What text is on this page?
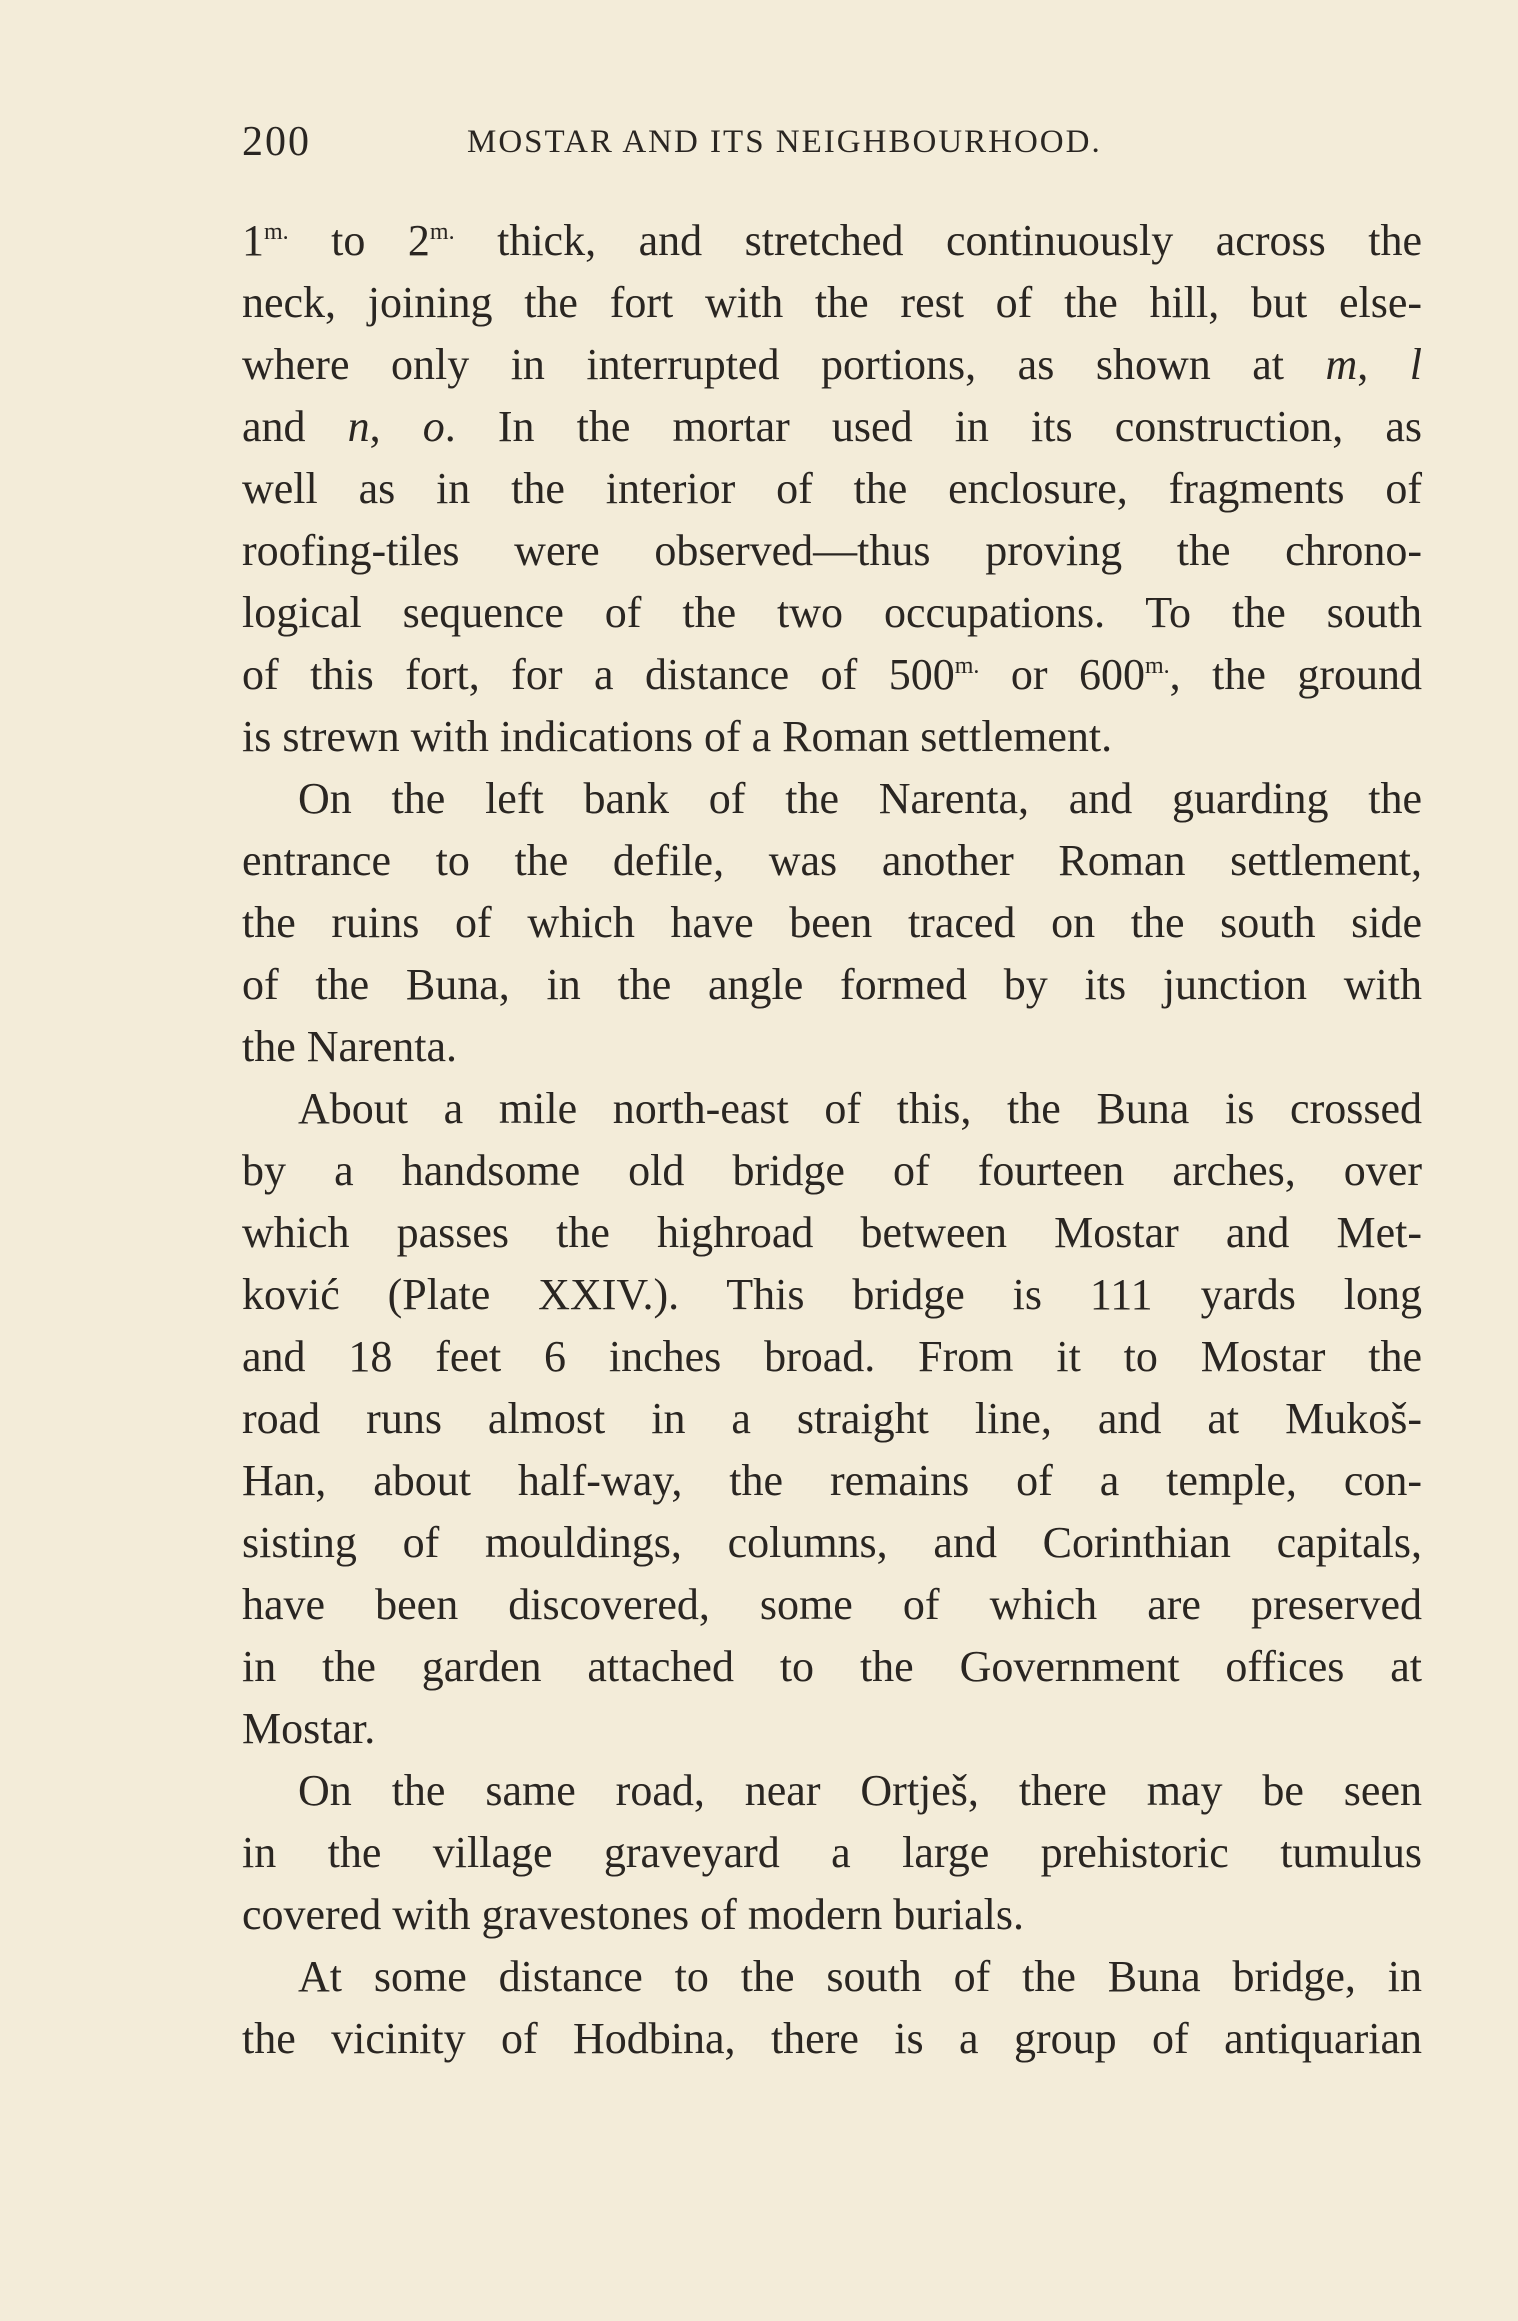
200	MOSTAR AND ITS NEIGHBOURHOOD.
$1^{m.}$ to $2^{m.}$ thick, and stretched continuously across the
neck, joining the fort with the rest of the hill, but else-
where only in interrupted portions, as shown at m, l
and n, o. In the mortar used in its construction, as
well as in the interior of the enclosure, fragments of
roofing-tiles were observed—thus proving the chrono-
logical sequence of the two occupations. To the south
of this fort, for a distance of $500^{m.}$ or $600^{m.}$, the ground
is strewn with indications of a Roman settlement.
On the left bank of the Narenta, and guarding the
entrance to the defile, was another Roman settlement,
the ruins of which have been traced on the south side
of the Buna, in the angle formed by its junction with
the Narenta.
About a mile north-east of this, the Buna is crossed
by a handsome old bridge of fourteen arches, over
which passes the highroad between Mostar and Met-
ković (Plate XXIV.). This bridge is 111 yards long
and 18 feet 6 inches broad. From it to Mostar the
road runs almost in a straight line, and at Mukoš-
Han, about half-way, the remains of a temple, con-
sisting of mouldings, columns, and Corinthian capitals,
have been discovered, some of which are preserved
in the garden attached to the Government offices at
Mostar.
On the same road, near Ortješ, there may be seen
in the village graveyard a large prehistoric tumulus
covered with gravestones of modern burials.
At some distance to the south of the Buna bridge, in
the vicinity of Hodbina, there is a group of antiquarian
